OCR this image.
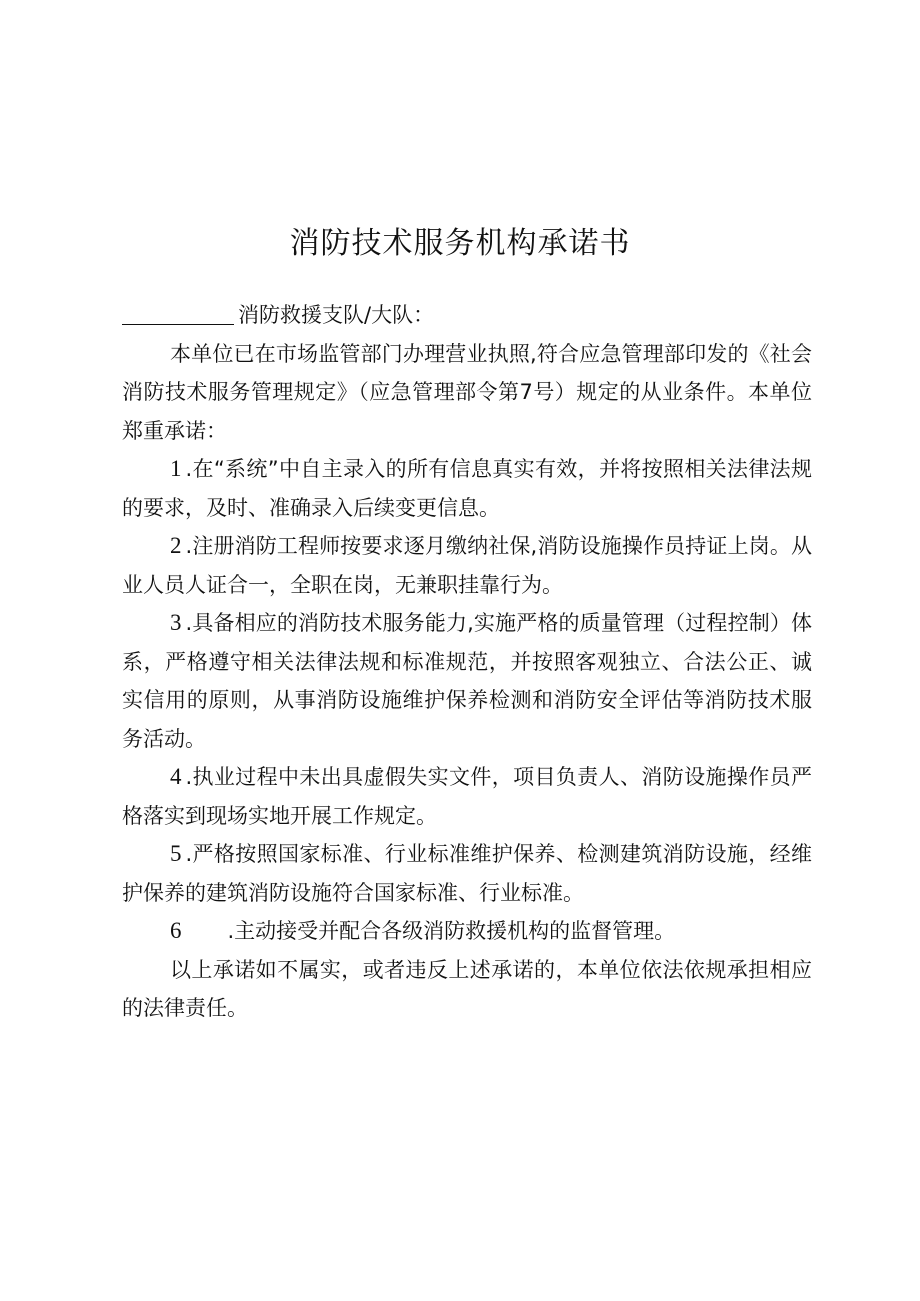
消防技术服务机构承诺书

消防救援支队/大队：

本单位已在市场监管部门办理营业执照,符合应急管理部印发的《社会消防技术服务管理规定》（应急管理部令第7号）规定的从业条件。本单位郑重承诺：

1 .在“系统”中自主录入的所有信息真实有效，并将按照相关法律法规的要求，及时、准确录入后续变更信息。

2 .注册消防工程师按要求逐月缴纳社保,消防设施操作员持证上岗。从业人员人证合一，全职在岗，无兼职挂靠行为。

3 .具备相应的消防技术服务能力,实施严格的质量管理（过程控制）体系，严格遵守相关法律法规和标准规范，并按照客观独立、合法公正、诚实信用的原则，从事消防设施维护保养检测和消防安全评估等消防技术服务活动。

4 .执业过程中未出具虚假失实文件，项目负责人、消防设施操作员严格落实到现场实地开展工作规定。

5 .严格按照国家标准、行业标准维护保养、检测建筑消防设施，经维护保养的建筑消防设施符合国家标准、行业标准。

6 .主动接受并配合各级消防救援机构的监督管理。

以上承诺如不属实，或者违反上述承诺的，本单位依法依规承担相应的法律责任。
